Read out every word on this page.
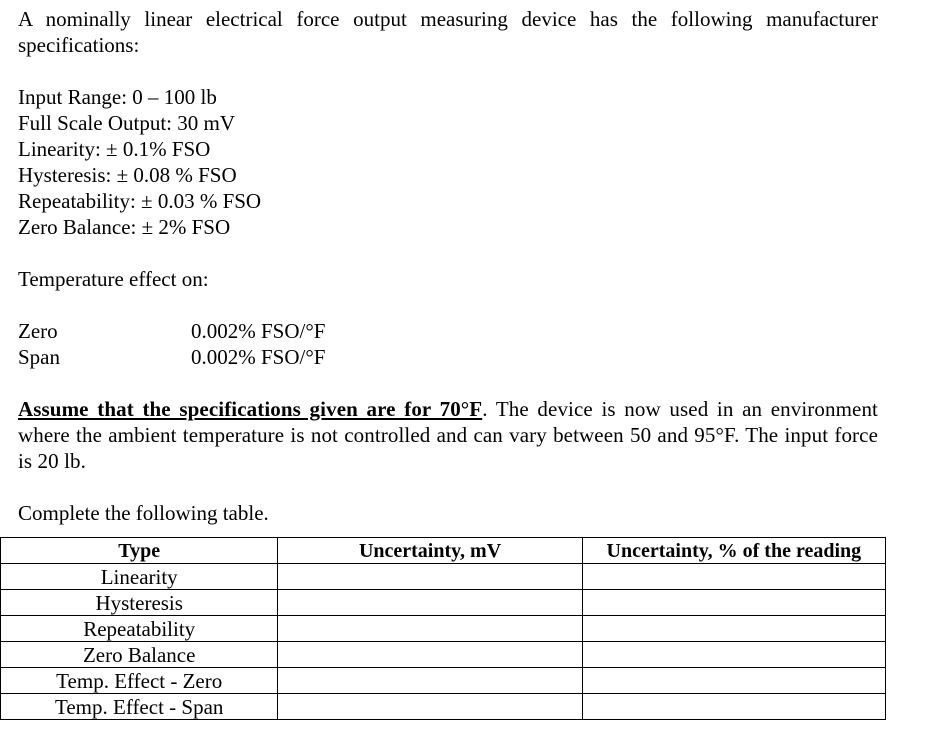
A nominally linear electrical force output measuring device has the following manufacturer specifications:

Input Range: 0 – 100 lb

Full Scale Output: 30 mV

Linearity: ± 0.1% FSO

Hysteresis: ± 0.08 % FSO

Repeatability: ± 0.03 % FSO

Zero Balance: ± 2% FSO

Temperature effect on:

Zero	0.002% FSO/°F
Span	0.002% FSO/°F

Assume that the specifications given are for 70°F. The device is now used in an environment where the ambient temperature is not controlled and can vary between 50 and 95°F. The input force is 20 lb.

Complete the following table.

Type	Uncertainty, mV	Uncertainty, % of the reading
Linearity		
Hysteresis		
Repeatability		
Zero Balance		
Temp. Effect - Zero		
Temp. Effect - Span		
